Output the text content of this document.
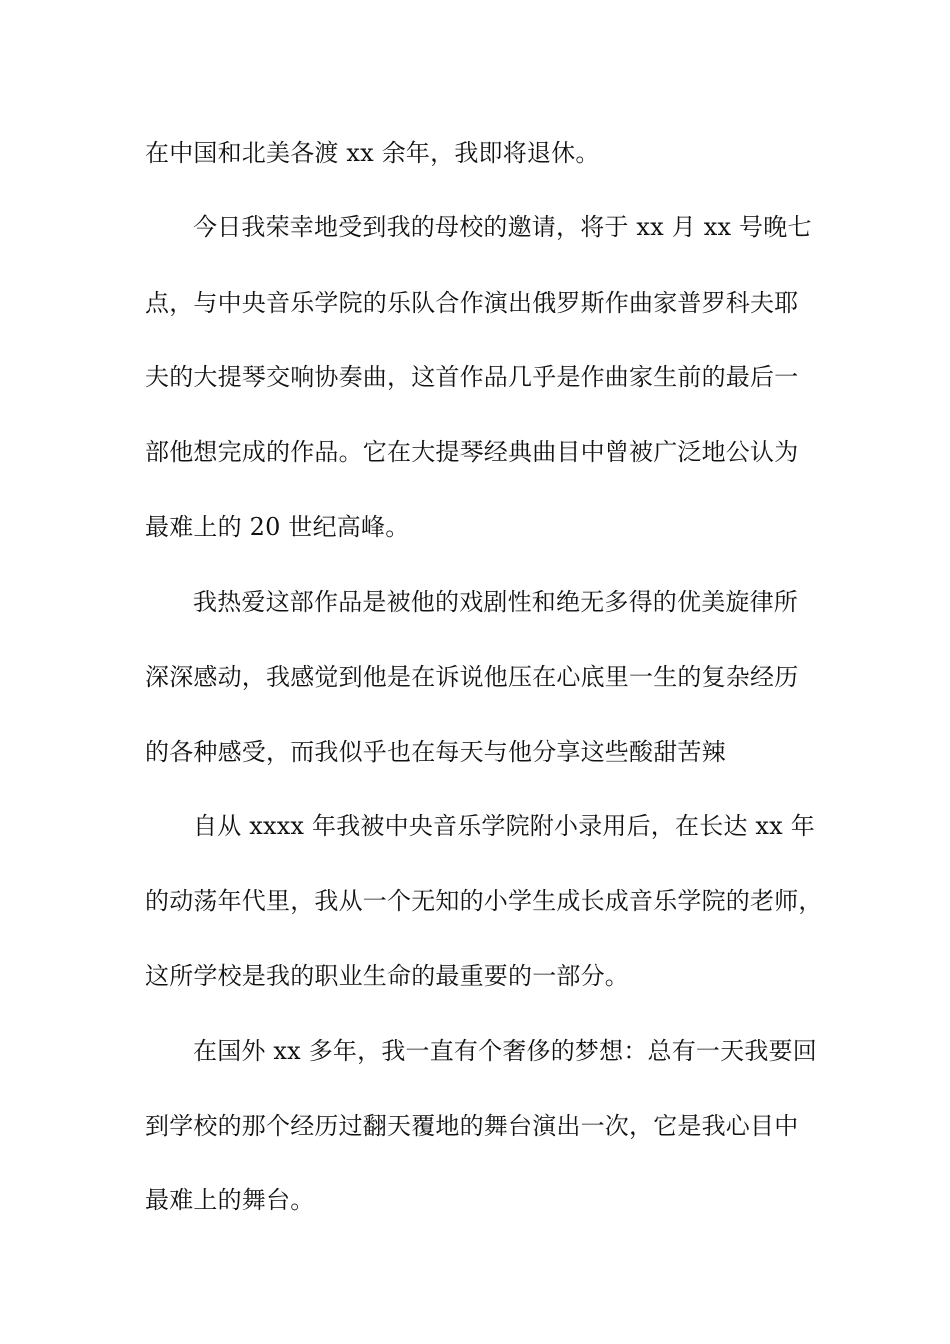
在中国和北美各渡 xx 余年，我即将退休。
今日我荣幸地受到我的母校的邀请，将于 xx 月 xx 号晚七
点，与中央音乐学院的乐队合作演出俄罗斯作曲家普罗科夫耶
夫的大提琴交响协奏曲，这首作品几乎是作曲家生前的最后一
部他想完成的作品。它在大提琴经典曲目中曾被广泛地公认为
最难上的 20 世纪高峰。
我热爱这部作品是被他的戏剧性和绝无多得的优美旋律所
深深感动，我感觉到他是在诉说他压在心底里一生的复杂经历
的各种感受，而我似乎也在每天与他分享这些酸甜苦辣
自从 xxxx 年我被中央音乐学院附小录用后，在长达 xx 年
的动荡年代里，我从一个无知的小学生成长成音乐学院的老师，
这所学校是我的职业生命的最重要的一部分。
在国外 xx 多年，我一直有个奢侈的梦想：总有一天我要回
到学校的那个经历过翻天覆地的舞台演出一次，它是我心目中
最难上的舞台。
